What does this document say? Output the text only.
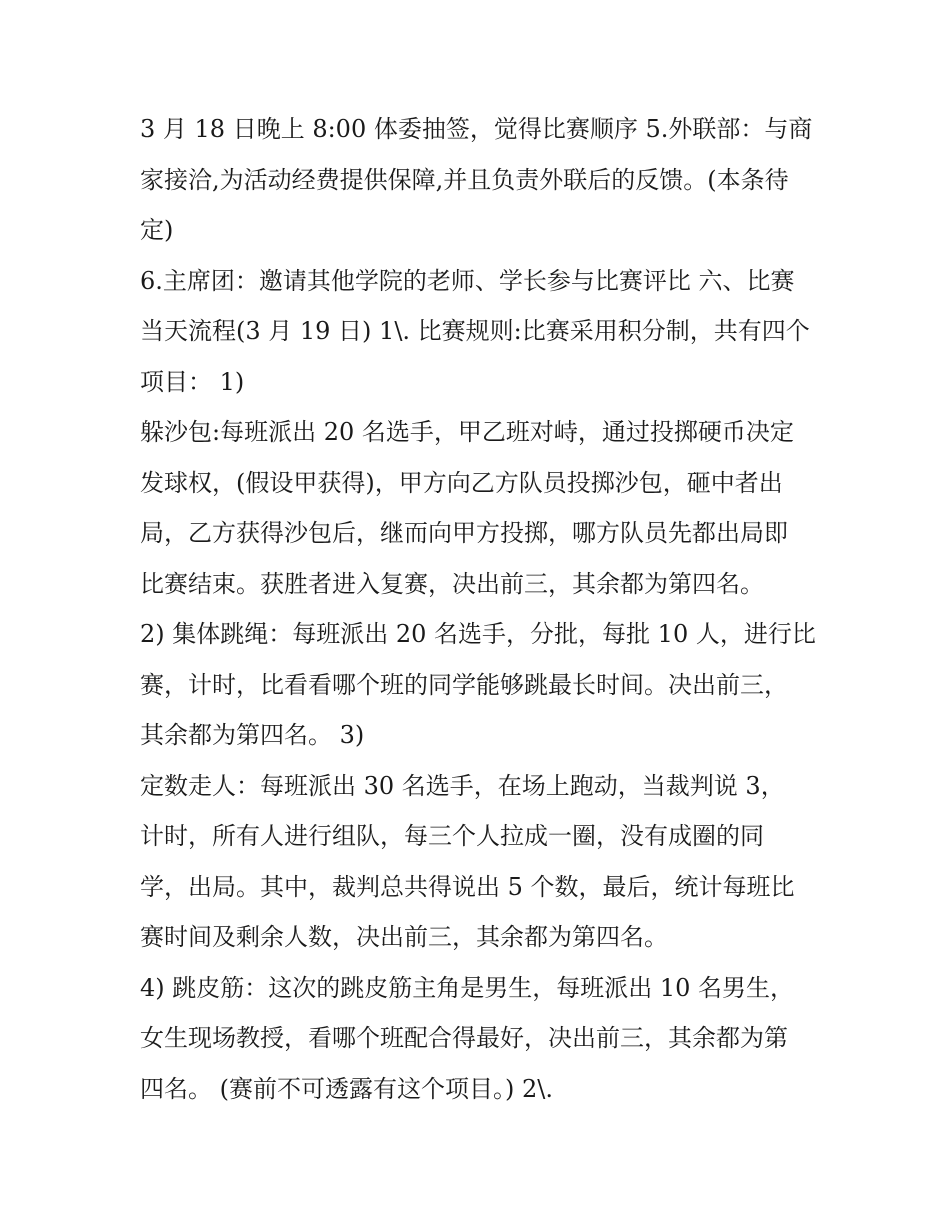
3 月 18 日晚上 8:00 体委抽签，觉得比赛顺序 5.外联部：与商
家接洽,为活动经费提供保障,并且负责外联后的反馈。(本条待
定)
6.主席团：邀请其他学院的老师、学长参与比赛评比 六、比赛
当天流程(3 月 19 日) 1\. 比赛规则:比赛采用积分制，共有四个
项目： 1)
躲沙包:每班派出 20 名选手，甲乙班对峙，通过投掷硬币决定
发球权，(假设甲获得)，甲方向乙方队员投掷沙包，砸中者出
局，乙方获得沙包后，继而向甲方投掷，哪方队员先都出局即
比赛结束。获胜者进入复赛，决出前三，其余都为第四名。
2) 集体跳绳：每班派出 20 名选手，分批，每批 10 人，进行比
赛，计时，比看看哪个班的同学能够跳最长时间。决出前三，
其余都为第四名。 3)
定数走人：每班派出 30 名选手，在场上跑动，当裁判说 3，
计时，所有人进行组队，每三个人拉成一圈，没有成圈的同
学，出局。其中，裁判总共得说出 5 个数，最后，统计每班比
赛时间及剩余人数，决出前三，其余都为第四名。
4) 跳皮筋：这次的跳皮筋主角是男生，每班派出 10 名男生，
女生现场教授，看哪个班配合得最好，决出前三，其余都为第
四名。 (赛前不可透露有这个项目。) 2\.
